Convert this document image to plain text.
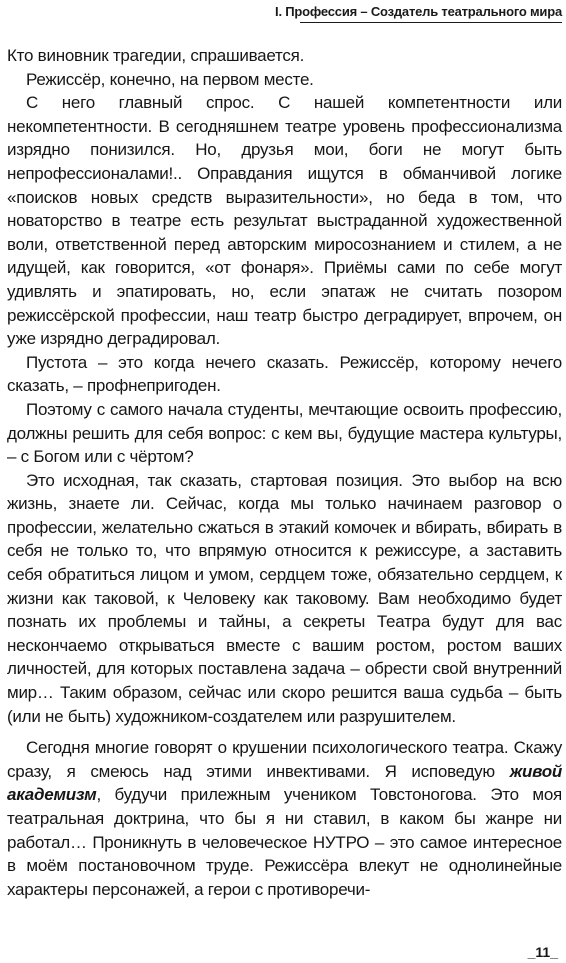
I. Профессия – Создатель театрального мира

Кто виновник трагедии, спрашивается.

Режиссёр, конечно, на первом месте.

С него главный спрос. С нашей компетентности или некомпетентности. В сегодняшнем театре уровень профессионализма изрядно понизился. Но, друзья мои, боги не могут быть непрофессионалами!.. Оправдания ищутся в обманчивой логике «поисков новых средств выразительности», но беда в том, что новаторство в театре есть результат выстраданной художественной воли, ответственной перед авторским миросознанием и стилем, а не идущей, как говорится, «от фонаря». Приёмы сами по себе могут удивлять и эпатировать, но, если эпатаж не считать позором режиссёрской профессии, наш театр быстро деградирует, впрочем, он уже изрядно деградировал.

Пустота – это когда нечего сказать. Режиссёр, которому нечего сказать, – профнепригоден.

Поэтому с самого начала студенты, мечтающие освоить профессию, должны решить для себя вопрос: с кем вы, будущие мастера культуры, – с Богом или с чёртом?

Это исходная, так сказать, стартовая позиция. Это выбор на всю жизнь, знаете ли. Сейчас, когда мы только начинаем разговор о профессии, желательно сжаться в этакий комочек и вбирать, вбирать в себя не только то, что впрямую относится к режиссуре, а заставить себя обратиться лицом и умом, сердцем тоже, обязательно сердцем, к жизни как таковой, к Человеку как таковому. Вам необходимо будет познать их проблемы и тайны, а секреты Театра будут для вас нескончаемо открываться вместе с вашим ростом, ростом ваших личностей, для которых поставлена задача – обрести свой внутренний мир… Таким образом, сейчас или скоро решится ваша судьба – быть (или не быть) художником-создателем или разрушителем.

Сегодня многие говорят о крушении психологического театра. Скажу сразу, я смеюсь над этими инвективами. Я исповедую живой академизм, будучи прилежным учеником Товстоногова. Это моя театральная доктрина, что бы я ни ставил, в каком бы жанре ни работал… Проникнуть в человеческое НУТРО – это самое интересное в моём постановочном труде. Режиссёра влекут не однолинейные характеры персонажей, а герои с противоречи-

_11_
